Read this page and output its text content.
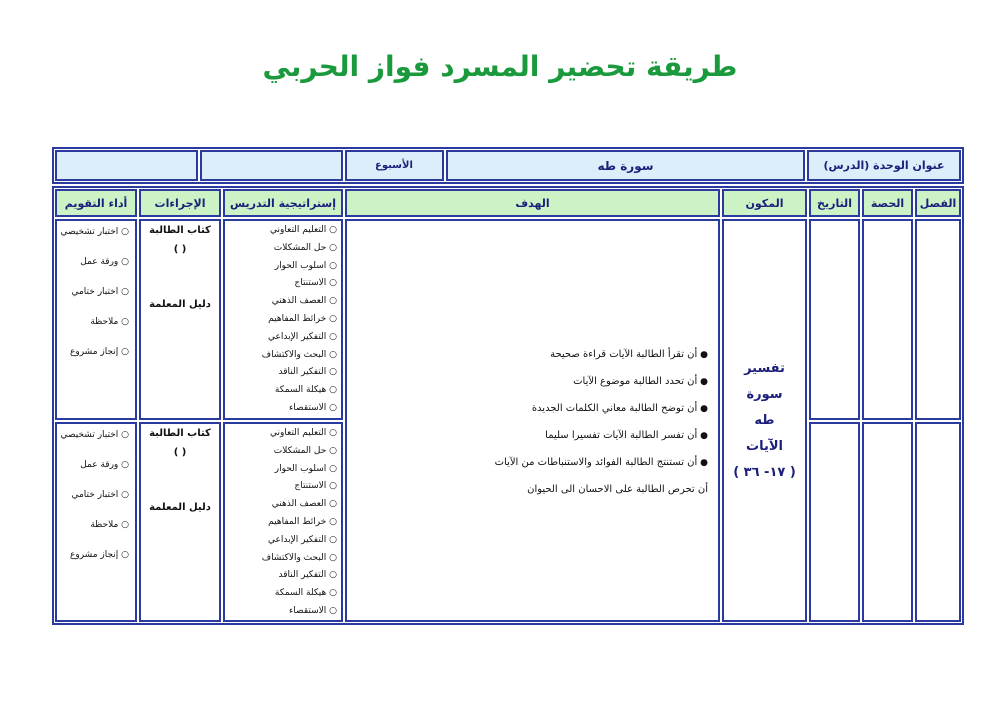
طريقة تحضير المسرد فواز الحربي
عنوان الوحدة (الدرس)
سورة طه
الأسبوع
الفصل
الحصة
التاريخ
المكون
الهدف
إستراتيجية التدريس
الإجراءات
أداء التقويم
تفسير سورة
طه
الآيات
( ١٧- ٣٦ )
● أن تقرأ الطالبة الآيات قراءة صحيحة
● أن تحدد الطالبة موضوع الآيات
● أن توضح الطالبة معاني الكلمات الجديدة
● أن تفسر الطالبة الآيات تفسيرا سليما
● أن تستنتج الطالبة الفوائد والاستنباطات من الآيات
أن تحرص الطالبة على الاحسان الى الحيوان
○ التعليم التعاوني
○ حل المشكلات
○ اسلوب الحوار
○ الاستنتاج
○ العصف الذهني
○ خرائط المفاهيم
○ التفكير الإبداعي
○ البحث والاكتشاف
○ التفكير الناقد
○ هيكلة السمكة
○ الاستقصاء
○ التعليم التعاوني
○ حل المشكلات
○ اسلوب الحوار
○ الاستنتاج
○ العصف الذهني
○ خرائط المفاهيم
○ التفكير الإبداعي
○ البحث والاكتشاف
○ التفكير الناقد
○ هيكلة السمكة
○ الاستقصاء
كتاب الطالبة
( )
دليل المعلمة
كتاب الطالبة
( )
دليل المعلمة
○ اختبار تشخيصي
○ ورقة عمل
○ اختبار ختامي
○ ملاحظة
○ إنجاز مشروع
○ اختبار تشخيصي
○ ورقة عمل
○ اختبار ختامي
○ ملاحظة
○ إنجاز مشروع
